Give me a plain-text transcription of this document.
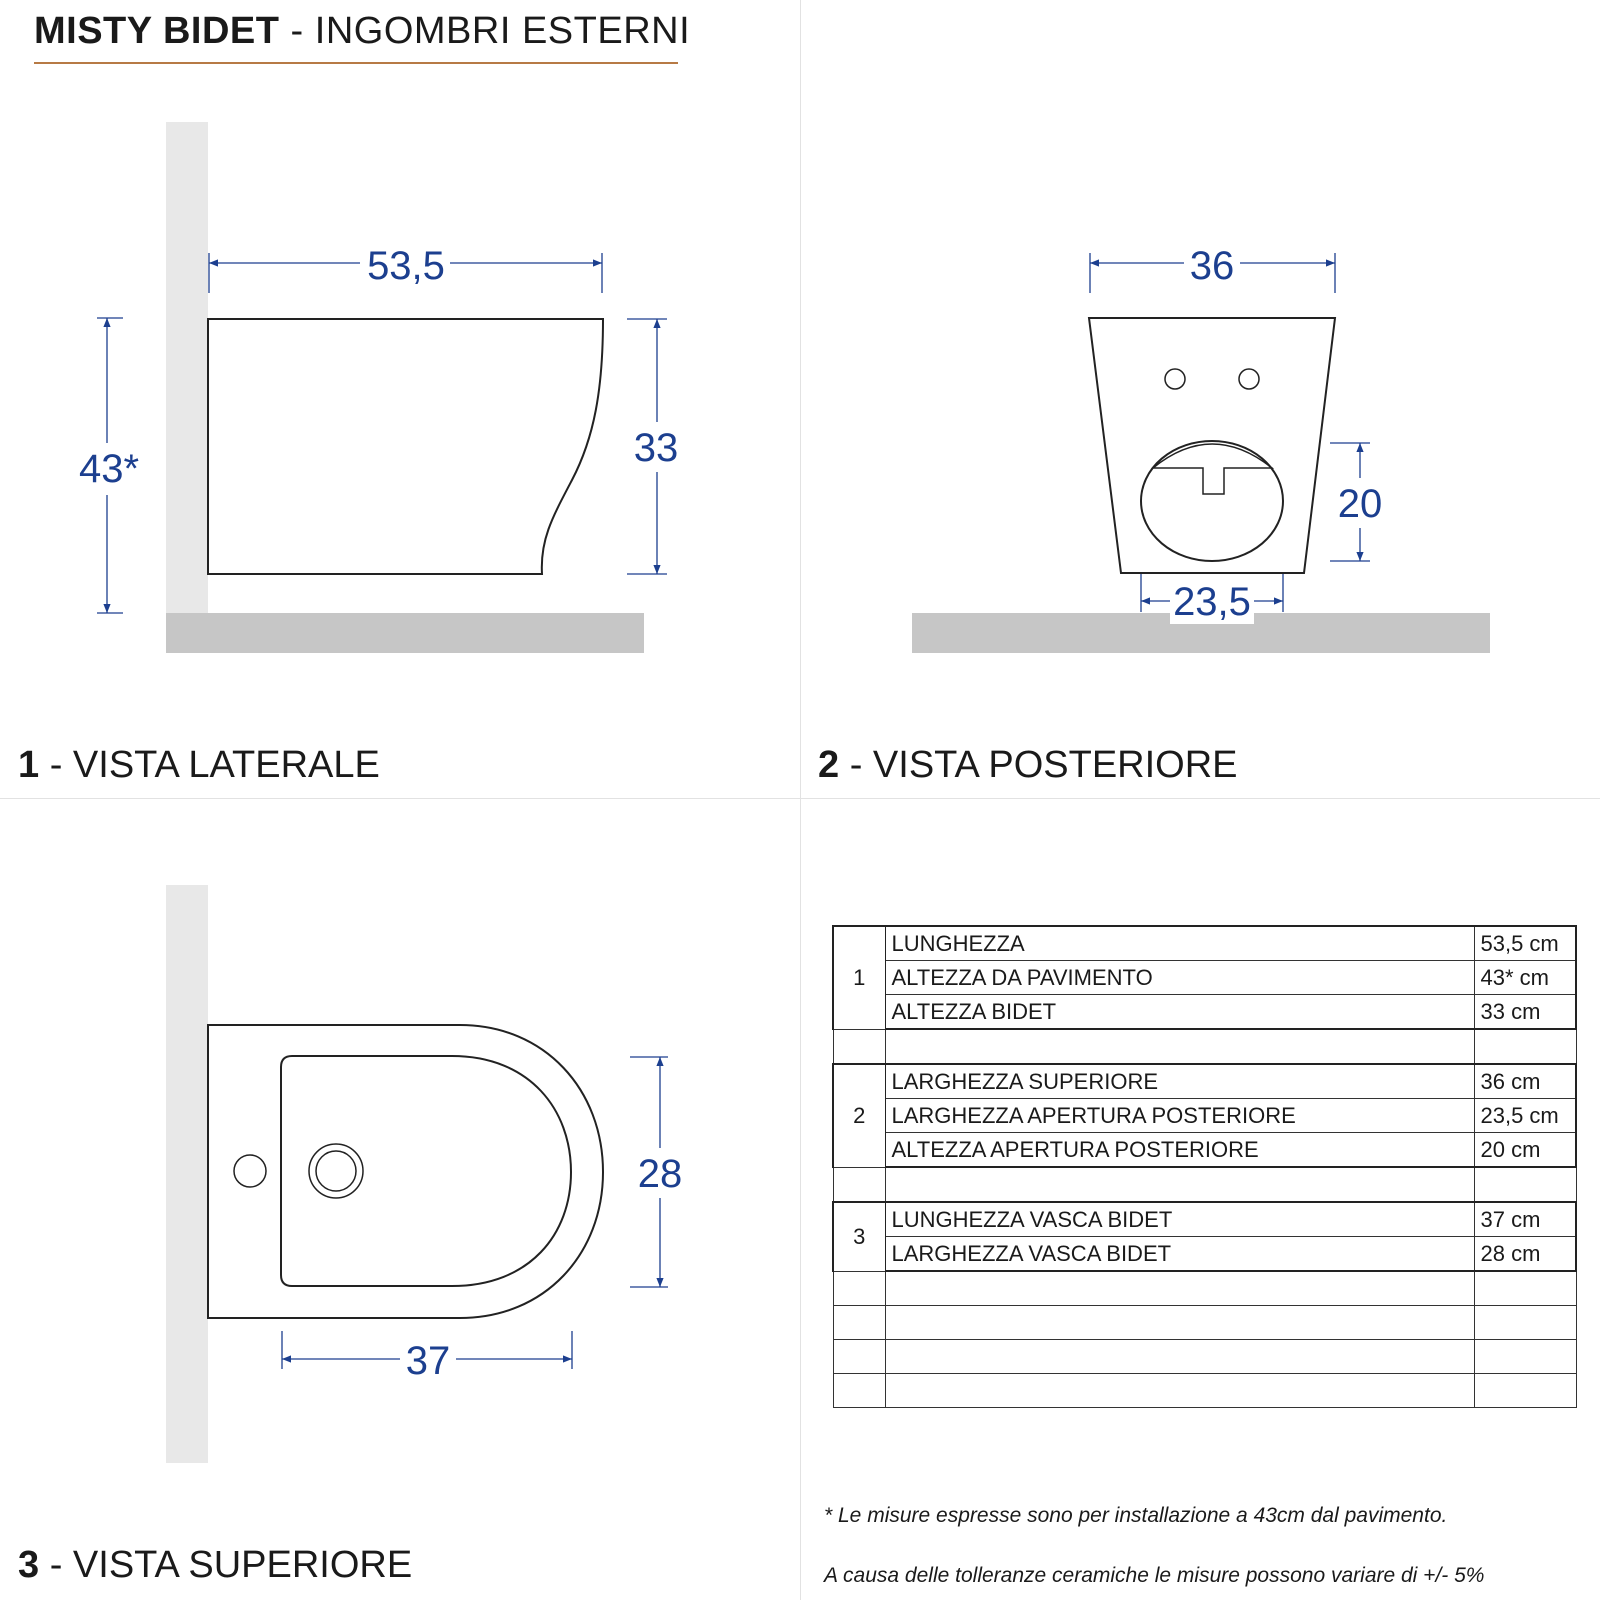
MISTY BIDET - INGOMBRI ESTERNI
53,5
43*	33
36
20
23,5
28
37
1 - VISTA LATERALE	2 - VISTA POSTERIORE
3 - VISTA SUPERIORE
1	LUNGHEZZA	53,5 cm
	ALTEZZA DA PAVIMENTO	43* cm
	ALTEZZA BIDET	33 cm

2	LARGHEZZA SUPERIORE	36 cm
	LARGHEZZA APERTURA POSTERIORE	23,5 cm
	ALTEZZA APERTURA POSTERIORE	20 cm

3	LUNGHEZZA VASCA BIDET	37 cm
	LARGHEZZA VASCA BIDET	28 cm

* Le misure espresse sono per installazione a 43cm dal pavimento.
A causa delle tolleranze ceramiche le misure possono variare di +/- 5%
